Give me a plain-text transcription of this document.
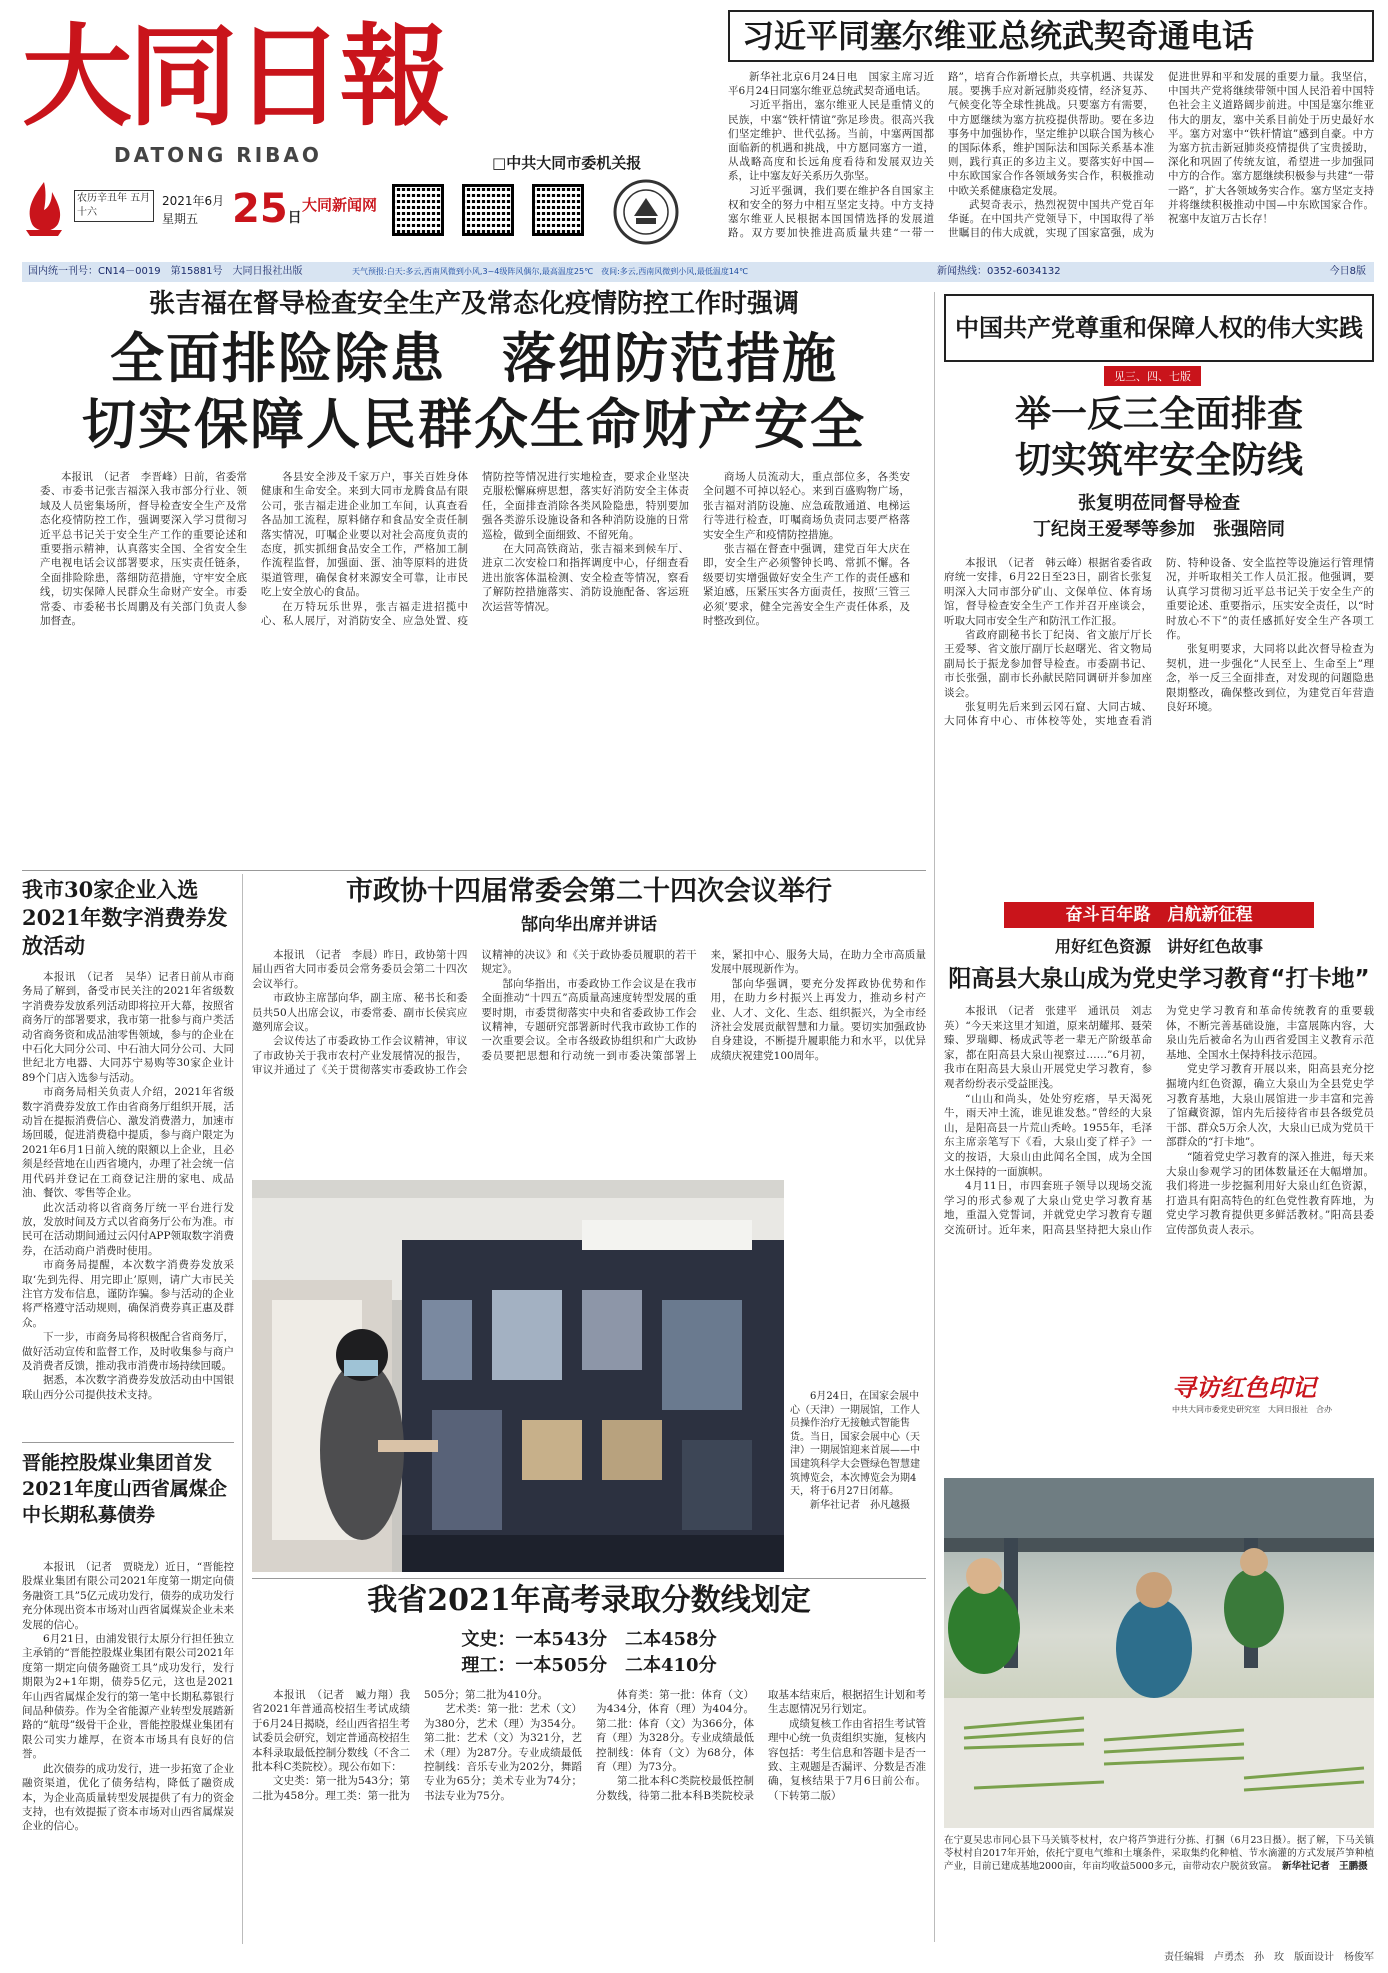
大同日報
DATONG RIBAO	□中共大同市委机关报
农历辛丑年 五月十六
2021年6月
星期五 25日
大同新闻网
习近平同塞尔维亚总统武契奇通电话

新华社北京6月24日电　国家主席习近平6月24日同塞尔维亚总统武契奇通电话。

习近平指出，塞尔维亚人民是重情义的民族，中塞“铁杆情谊”弥足珍贵。很高兴我们坚定维护、世代弘扬。当前，中塞两国都面临新的机遇和挑战，中方愿同塞方一道，从战略高度和长远角度看待和发展双边关系，让中塞友好关系历久弥坚。

习近平强调，我们要在维护各自国家主权和安全的努力中相互坚定支持。中方支持塞尔维亚人民根据本国国情选择的发展道路。双方要加快推进高质量共建“一带一路”，培育合作新增长点，共享机遇、共谋发展。要携手应对新冠肺炎疫情，经济复苏、气候变化等全球性挑战。只要塞方有需要，中方愿继续为塞方抗疫提供帮助。要在多边事务中加强协作，坚定维护以联合国为核心的国际体系，维护国际法和国际关系基本准则，践行真正的多边主义。要落实好中国—中东欧国家合作各领域务实合作，积极推动中欧关系健康稳定发展。

武契奇表示，热烈祝贺中国共产党百年华诞。在中国共产党领导下，中国取得了举世瞩目的伟大成就，实现了国家富强，成为促进世界和平和发展的重要力量。我坚信，中国共产党将继续带领中国人民沿着中国特色社会主义道路阔步前进。中国是塞尔维亚伟大的朋友，塞中关系目前处于历史最好水平。塞方对塞中“铁杆情谊”感到自豪。中方为塞方抗击新冠肺炎疫情提供了宝贵援助，深化和巩固了传统友谊，希望进一步加强同中方的合作。塞方愿继续积极参与共建“一带一路”，扩大各领域务实合作。塞方坚定支持并将继续积极推动中国—中东欧国家合作。祝塞中友谊万古长存！

国内统一刊号：CN14－0019　第15881号　大同日报社出版	天气预报:白天:多云,西南风微到小风,3~4级阵风偶尔,最高温度25℃　夜间:多云,西南风微到小风,最低温度14℃	新闻热线：0352-6034132	今日8版
张吉福在督导检查安全生产及常态化疫情防控工作时强调
全面排险除患　落细防范措施
切实保障人民群众生命财产安全

本报讯　（记者　李晋峰）日前，省委常委、市委书记张吉福深入我市部分行业、领域及人员密集场所，督导检查安全生产及常态化疫情防控工作，强调要深入学习贯彻习近平总书记关于安全生产工作的重要论述和重要指示精神，认真落实全国、全省安全生产电视电话会议部署要求，压实责任链条，全面排险除患，落细防范措施，守牢安全底线，切实保障人民群众生命财产安全。市委常委、市委秘书长周鹏及有关部门负责人参加督查。

各县安全涉及千家万户，事关百姓身体健康和生命安全。来到大同市龙腾食品有限公司，张吉福走进企业加工车间，认真查看各品加工流程，原料储存和食品安全责任制落实情况，叮嘱企业要以对社会高度负责的态度，抓实抓细食品安全工作，严格加工制作流程监督，加强面、蛋、油等原料的进货渠道管理，确保食材来源安全可靠，让市民吃上安全放心的食品。

在万特玩乐世界，张吉福走进招揽中心、私人展厅，对消防安全、应急处置、疫情防控等情况进行实地检查，要求企业坚决克服松懈麻痹思想，落实好消防安全主体责任，全面排查消除各类风险隐患，特别要加强各类游乐设施设备和各种消防设施的日常巡检，做到全面细致、不留死角。

在大同高铁商站，张吉福来到候车厅、进京二次安检口和指挥调度中心，仔细查看进出旅客体温检测、安全检查等情况，察看了解防控措施落实、消防设施配备、客运班次运营等情况。

商场人员流动大，重点部位多，各类安全问题不可掉以轻心。来到百盛购物广场，张吉福对消防设施、应急疏散通道、电梯运行等进行检查，叮嘱商场负责同志要严格落实安全生产和疫情防控措施。

张吉福在督查中强调，建党百年大庆在即，安全生产必须警钟长鸣、常抓不懈。各级要切实增强做好安全生产工作的责任感和紧迫感，压紧压实各方面责任，按照‘三管三必须’要求，健全完善安全生产责任体系，及时整改到位。

中国共产党尊重和保障人权的伟大实践
见三、四、七版
举一反三全面排查
切实筑牢安全防线
张复明莅同督导检查
丁纪岗王爱琴等参加　张强陪同

本报讯　（记者　韩云峰）根据省委省政府统一安排，6月22日至23日，副省长张复明深入大同市部分矿山、文保单位、体育场馆，督导检查安全生产工作并召开座谈会，听取大同市安全生产和防汛工作汇报。

省政府副秘书长丁纪岗、省文旅厅厅长王爱琴、省文旅厅副厅长赵曙光、省文物局副局长于振龙参加督导检查。市委副书记、市长张强，副市长孙献民陪同调研并参加座谈会。

张复明先后来到云冈石窟、大同古城、大同体育中心、市体校等处，实地查看消防、特种设备、安全监控等设施运行管理情况，并听取相关工作人员汇报。他强调，要认真学习贯彻习近平总书记关于安全生产的重要论述、重要指示，压实安全责任，以“时时放心不下”的责任感抓好安全生产各项工作。

张复明要求，大同将以此次督导检查为契机，进一步强化“人民至上、生命至上”理念，举一反三全面排查，对发现的问题隐患限期整改，确保整改到位，为建党百年营造良好环境。

奋斗百年路　启航新征程
用好红色资源　讲好红色故事
阳高县大泉山成为党史学习教育“打卡地”

本报讯　（记者　张建平　通讯员　刘志英）“今天来这里才知道，原来胡耀邦、聂荣臻、罗瑞卿、杨成武等老一辈无产阶级革命家，都在阳高县大泉山视察过……”6月初，我市在阳高县大泉山开展党史学习教育，参观者纷纷表示受益匪浅。

“山山和尚头，处处穷疙瘩，旱天渴死牛，雨天冲土流，谁见谁发愁。”曾经的大泉山，是阳高县一片荒山秃岭。1955年，毛泽东主席亲笔写下《看，大泉山变了样子》一文的按语，大泉山由此闻名全国，成为全国水土保持的一面旗帜。

4月11日，市四套班子领导以现场交流学习的形式参观了大泉山党史学习教育基地，重温入党誓词，并就党史学习教育专题交流研讨。近年来，阳高县坚持把大泉山作为党史学习教育和革命传统教育的重要载体，不断完善基础设施，丰富展陈内容，大泉山先后被命名为山西省爱国主义教育示范基地、全国水土保持科技示范园。

党史学习教育开展以来，阳高县充分挖掘境内红色资源，确立大泉山为全县党史学习教育基地，大泉山展馆进一步丰富和完善了馆藏资源，馆内先后接待省市县各级党员干部、群众5万余人次，大泉山已成为党员干部群众的“打卡地”。

“随着党史学习教育的深入推进，每天来大泉山参观学习的团体数量还在大幅增加。我们将进一步挖掘利用好大泉山红色资源，打造具有阳高特色的红色党性教育阵地，为党史学习教育提供更多鲜活教材。”阳高县委宣传部负责人表示。

寻访红色印记
中共大同市委党史研究室　大同日报社　合办
在宁夏吴忠市同心县下马关镇苓杖村，农户将芦笋进行分拣、打捆（6月23日摄）。据了解，下马关镇苓杖村自2017年开始，依托宁夏电气维和土壤条件，采取集约化种植、节水滴灌的方式发展芦笋种植产业，目前已建成基地2000亩，年亩均收益5000多元，亩带动农户脱贫致富。　 新华社记者　王鹏摄
我市30家企业入选2021年数字消费券发放活动

本报讯　（记者　吴华）记者日前从市商务局了解到，备受市民关注的2021年省级数字消费券发放系列活动即将拉开大幕，按照省商务厅的部署要求，我市第一批参与商户类活动省商务资和成品油零售领域，参与的企业在中石化大同分公司、中石油大同分公司、大同世纪北方电器、大同苏宁易购等30家企业计89个门店入选参与活动。

市商务局相关负责人介绍，2021年省级数字消费券发放工作由省商务厅组织开展，活动旨在提振消费信心、激发消费潜力，加速市场回暖，促进消费稳中提质，参与商户限定为2021年6月1日前入统的限额以上企业，且必须是经营地在山西省境内，办理了社会统一信用代码并登记在工商登记注册的家电、成品油、餐饮、零售等企业。

此次活动将以省商务厅统一平台进行发放，发放时间及方式以省商务厅公布为准。市民可在活动期间通过云闪付APP领取数字消费券，在活动商户消费时使用。

市商务局提醒，本次数字消费券发放采取‘先到先得、用完即止’原则，请广大市民关注官方发布信息，谨防诈骗。参与活动的企业将严格遵守活动规则，确保消费券真正惠及群众。

下一步，市商务局将积极配合省商务厅，做好活动宣传和监督工作，及时收集参与商户及消费者反馈，推动我市消费市场持续回暖。

据悉，本次数字消费券发放活动由中国银联山西分公司提供技术支持。

晋能控股煤业集团首发2021年度山西省属煤企中长期私募债券

本报讯　（记者　贾晓龙）近日，“晋能控股煤业集团有限公司2021年度第一期定向债务融资工具”5亿元成功发行，债券的成功发行充分体现出资本市场对山西省属煤炭企业未来发展的信心。

6月21日，由浦发银行太原分行担任独立主承销的“晋能控股煤业集团有限公司2021年度第一期定向债务融资工具”成功发行，发行期限为2+1年期，债券5亿元，这也是2021年山西省属煤企发行的第一笔中长期私募银行间品种债券。作为全省能源产业转型发展踏新路的“航母”级骨干企业，晋能控股煤业集团有限公司实力雄厚，在资本市场具有良好的信誉。

此次债券的成功发行，进一步拓宽了企业融资渠道，优化了债务结构，降低了融资成本，为企业高质量转型发展提供了有力的资金支持，也有效提振了资本市场对山西省属煤炭企业的信心。

市政协十四届常委会第二十四次会议举行
郜向华出席并讲话

本报讯　（记者　李晨）昨日，政协第十四届山西省大同市委员会常务委员会第二十四次会议举行。

市政协主席郜向华，副主席、秘书长和委员共50人出席会议，市委常委、副市长侯宾应邀列席会议。

会议传达了市委政协工作会议精神，审议了市政协关于我市农村产业发展情况的报告，审议并通过了《关于贯彻落实市委政协工作会议精神的决议》和《关于政协委员履职的若干规定》。

郜向华指出，市委政协工作会议是在我市全面推动“十四五”高质量高速度转型发展的重要时期，市委贯彻落实中央和省委政协工作会议精神，专题研究部署新时代我市政协工作的一次重要会议。全市各级政协组织和广大政协委员要把思想和行动统一到市委决策部署上来，紧扣中心、服务大局，在助力全市高质量发展中展现新作为。

郜向华强调，要充分发挥政协优势和作用，在助力乡村振兴上再发力，推动乡村产业、人才、文化、生态、组织振兴，为全市经济社会发展贡献智慧和力量。要切实加强政协自身建设，不断提升履职能力和水平，以优异成绩庆祝建党100周年。

6月24日，在国家会展中心（天津）一期展馆，工作人员操作治疗无接触式智能售货。当日，国家会展中心（天津）一期展馆迎来首展——中国建筑科学大会暨绿色智慧建筑博览会，本次博览会为期4天，将于6月27日闭幕。

新华社记者　孙凡越摄

我省2021年高考录取分数线划定
文史：一本543分　二本458分
理工：一本505分　二本410分

本报讯　（记者　臧力翔）我省2021年普通高校招生考试成绩于6月24日揭晓，经山西省招生考试委员会研究，划定普通高校招生本科录取最低控制分数线（不含二批本科C类院校）。现公布如下：

文史类：第一批为543分；第二批为458分。理工类：第一批为505分；第二批为410分。

艺术类：第一批：艺术（文）为380分，艺术（理）为354分。第二批：艺术（文）为321分，艺术（理）为287分。专业成绩最低控制线：音乐专业为202分，舞蹈专业为65分；美术专业为74分；书法专业为75分。

体育类：第一批：体育（文）为434分，体育（理）为404分。第二批：体育（文）为366分，体育（理）为328分。专业成绩最低控制线：体育（文）为68分，体育（理）为73分。

第二批本科C类院校最低控制分数线，待第二批本科B类院校录取基本结束后，根据招生计划和考生志愿情况另行划定。

成绩复核工作由省招生考试管理中心统一负责组织实施，复核内容包括：考生信息和答题卡是否一致、主观题是否漏评、分数是否准确，复核结果于7月6日前公布。（下转第二版）

责任编辑　卢勇杰　孙　玫　版面设计　杨俊军
